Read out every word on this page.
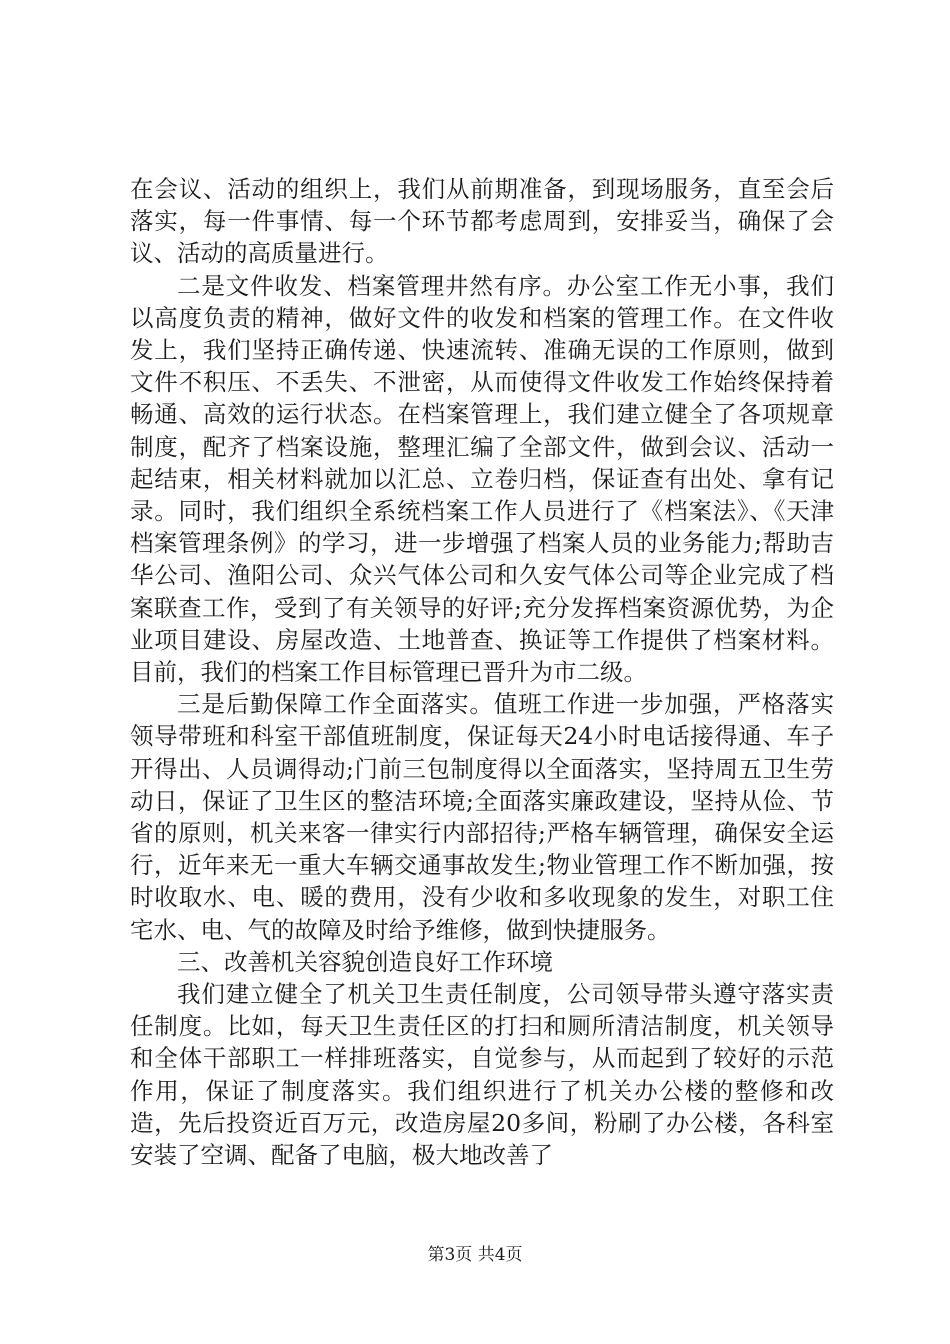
在会议、活动的组织上，我们从前期准备，到现场服务，直至会后落实，每一件事情、每一个环节都考虑周到，安排妥当，确保了会议、活动的高质量进行。

二是文件收发、档案管理井然有序。办公室工作无小事，我们以高度负责的精神，做好文件的收发和档案的管理工作。在文件收发上，我们坚持正确传递、快速流转、准确无误的工作原则，做到文件不积压、不丢失、不泄密，从而使得文件收发工作始终保持着畅通、高效的运行状态。在档案管理上，我们建立健全了各项规章制度，配齐了档案设施，整理汇编了全部文件，做到会议、活动一起结束，相关材料就加以汇总、立卷归档，保证查有出处、拿有记录。同时，我们组织全系统档案工作人员进行了《档案法》、《天津档案管理条例》的学习，进一步增强了档案人员的业务能力;帮助吉华公司、渔阳公司、众兴气体公司和久安气体公司等企业完成了档案联查工作，受到了有关领导的好评;充分发挥档案资源优势，为企业项目建设、房屋改造、土地普查、换证等工作提供了档案材料。目前，我们的档案工作目标管理已晋升为市二级。

三是后勤保障工作全面落实。值班工作进一步加强，严格落实领导带班和科室干部值班制度，保证每天24小时电话接得通、车子开得出、人员调得动;门前三包制度得以全面落实，坚持周五卫生劳动日，保证了卫生区的整洁环境;全面落实廉政建设，坚持从俭、节省的原则，机关来客一律实行内部招待;严格车辆管理，确保安全运行，近年来无一重大车辆交通事故发生;物业管理工作不断加强，按时收取水、电、暖的费用，没有少收和多收现象的发生，对职工住宅水、电、气的故障及时给予维修，做到快捷服务。

三、改善机关容貌创造良好工作环境

我们建立健全了机关卫生责任制度，公司领导带头遵守落实责任制度。比如，每天卫生责任区的打扫和厕所清洁制度，机关领导和全体干部职工一样排班落实，自觉参与，从而起到了较好的示范作用，保证了制度落实。我们组织进行了机关办公楼的整修和改造，先后投资近百万元，改造房屋20多间，粉刷了办公楼，各科室安装了空调、配备了电脑，极大地改善了

第3页 共4页
